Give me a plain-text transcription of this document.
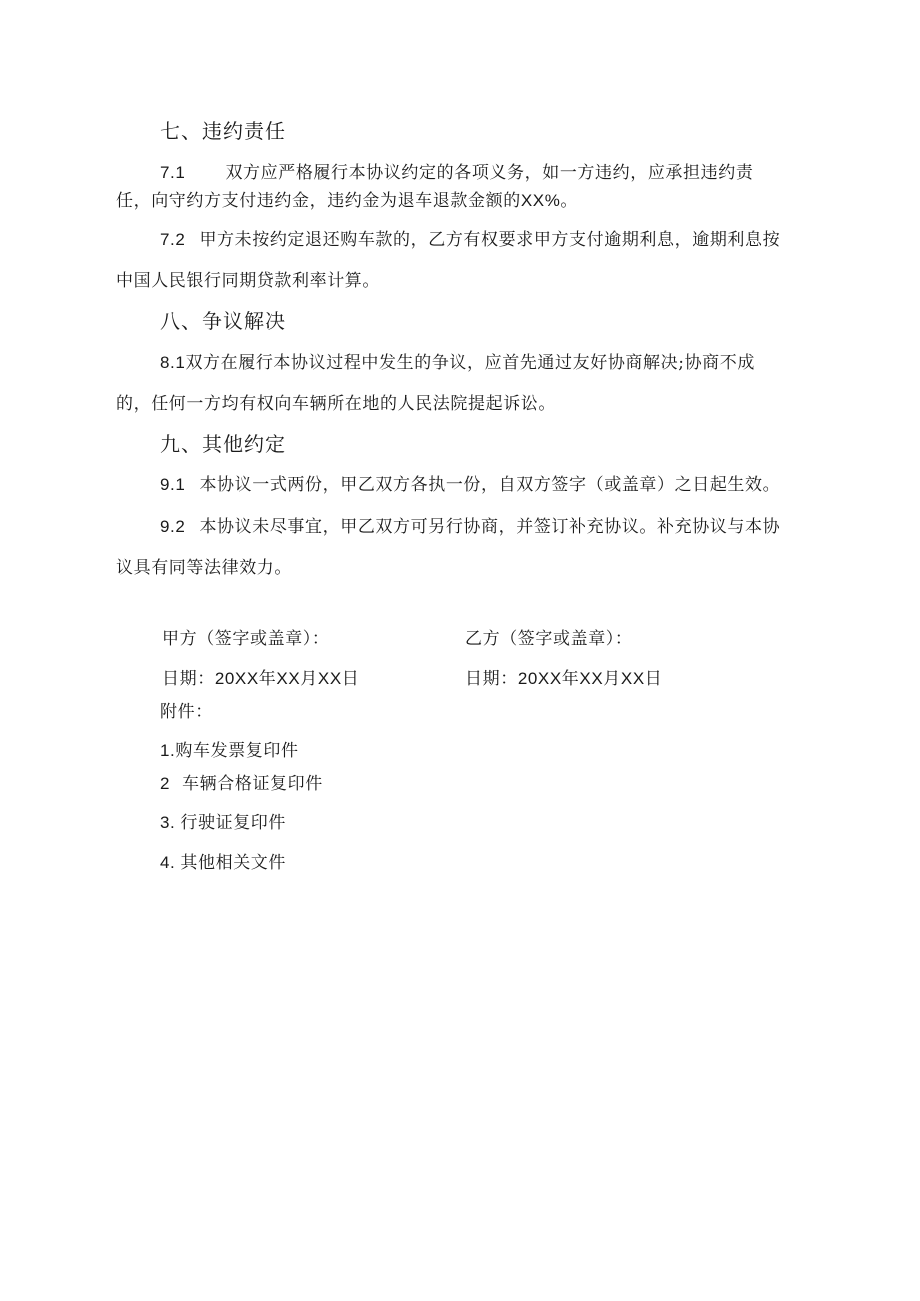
七、违约责任
7.1 双方应严格履行本协议约定的各项义务，如一方违约，应承担违约责
任，向守约方支付违约金，违约金为退车退款金额的XX%。
7.2 甲方未按约定退还购车款的，乙方有权要求甲方支付逾期利息，逾期利息按
中国人民银行同期贷款利率计算。
八、争议解决
8.1双方在履行本协议过程中发生的争议，应首先通过友好协商解决;协商不成
的，任何一方均有权向车辆所在地的人民法院提起诉讼。
九、其他约定
9.1 本协议一式两份，甲乙双方各执一份，自双方签字（或盖章）之日起生效。
9.2 本协议未尽事宜，甲乙双方可另行协商，并签订补充协议。补充协议与本协
议具有同等法律效力。
甲方（签字或盖章）：	乙方（签字或盖章）：
日期：20XX年XX月XX日	日期：20XX年XX月XX日
附件：
1.购车发票复印件
2 车辆合格证复印件
3. 行驶证复印件
4. 其他相关文件
